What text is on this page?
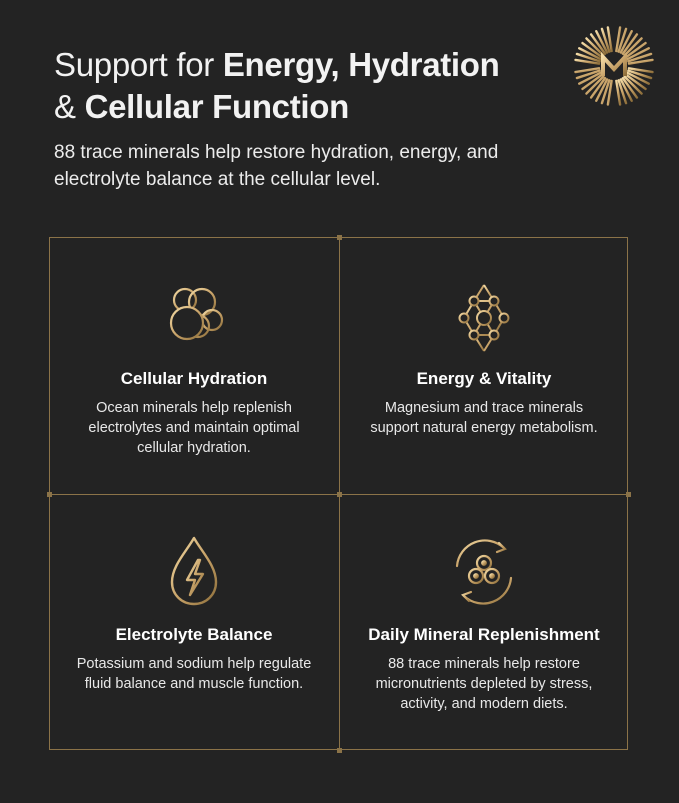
Support for Energy, Hydration
& Cellular Function

88 trace minerals help restore hydration, energy, and electrolyte balance at the cellular level.

Cellular Hydration

Ocean minerals help replenish electrolytes and maintain optimal cellular hydration.

Energy & Vitality

Magnesium and trace minerals support natural energy metabolism.

Electrolyte Balance

Potassium and sodium help regulate fluid balance and muscle function.

Daily Mineral Replenishment

88 trace minerals help restore micronutrients depleted by stress, activity, and modern diets.
